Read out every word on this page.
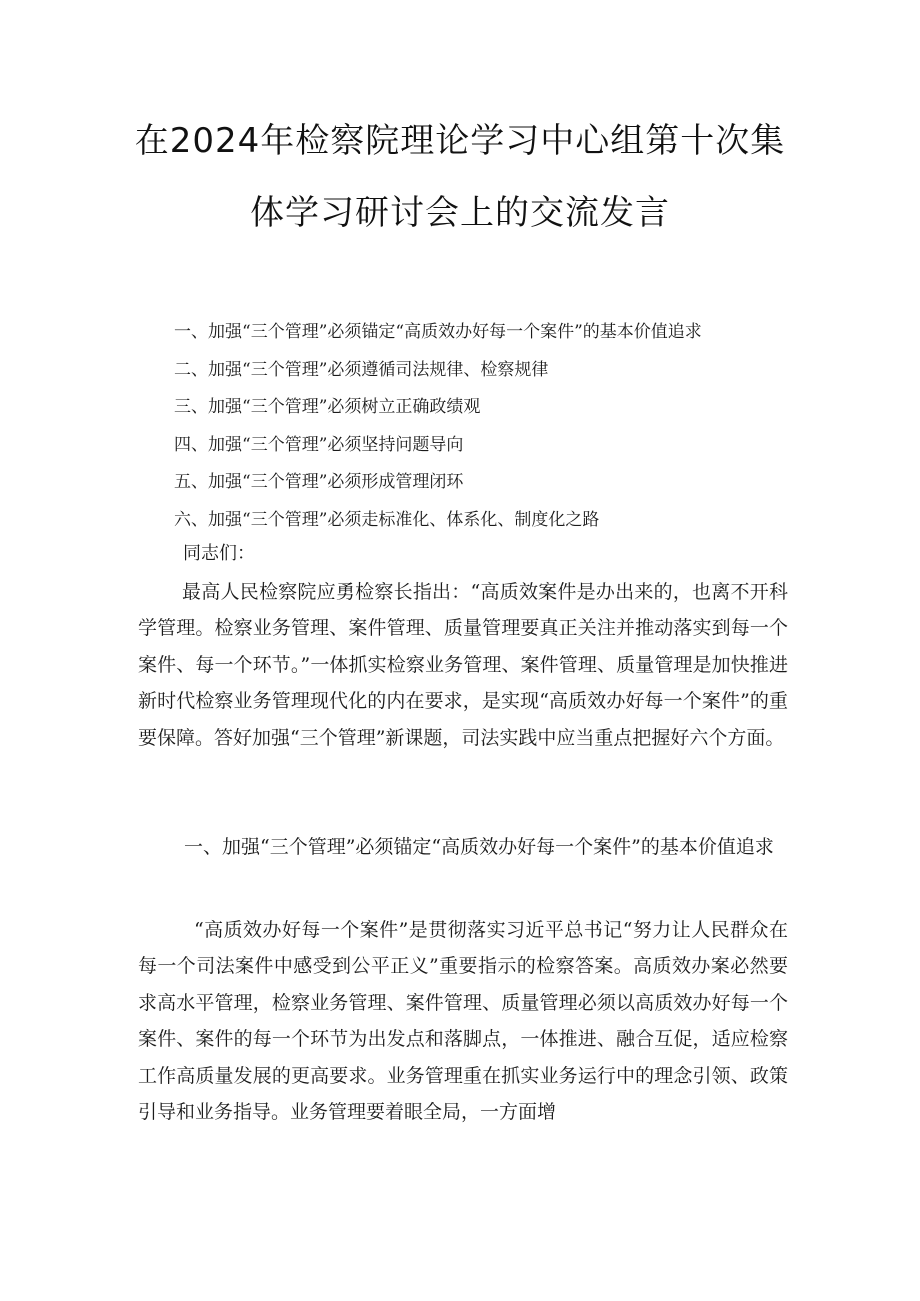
在2024年检察院理论学习中心组第十次集
体学习研讨会上的交流发言
一、加强“三个管理”必须锚定“高质效办好每一个案件”的基本价值追求
二、加强“三个管理”必须遵循司法规律、检察规律
三、加强“三个管理”必须树立正确政绩观
四、加强“三个管理”必须坚持问题导向
五、加强“三个管理”必须形成管理闭环
六、加强“三个管理”必须走标准化、体系化、制度化之路
同志们：

最高人民检察院应勇检察长指出：“高质效案件是办出来的，也离不开科学管理。检察业务管理、案件管理、质量管理要真正关注并推动落实到每一个案件、每一个环节。”一体抓实检察业务管理、案件管理、质量管理是加快推进新时代检察业务管理现代化的内在要求，是实现“高质效办好每一个案件”的重要保障。答好加强“三个管理”新课题，司法实践中应当重点把握好六个方面。

一、加强“三个管理”必须锚定“高质效办好每一个案件”的基本价值追求

“高质效办好每一个案件”是贯彻落实习近平总书记“努力让人民群众在每一个司法案件中感受到公平正义”重要指示的检察答案。高质效办案必然要求高水平管理，检察业务管理、案件管理、质量管理必须以高质效办好每一个案件、案件的每一个环节为出发点和落脚点，一体推进、融合互促，适应检察工作高质量发展的更高要求。业务管理重在抓实业务运行中的理念引领、政策引导和业务指导。业务管理要着眼全局，一方面增
